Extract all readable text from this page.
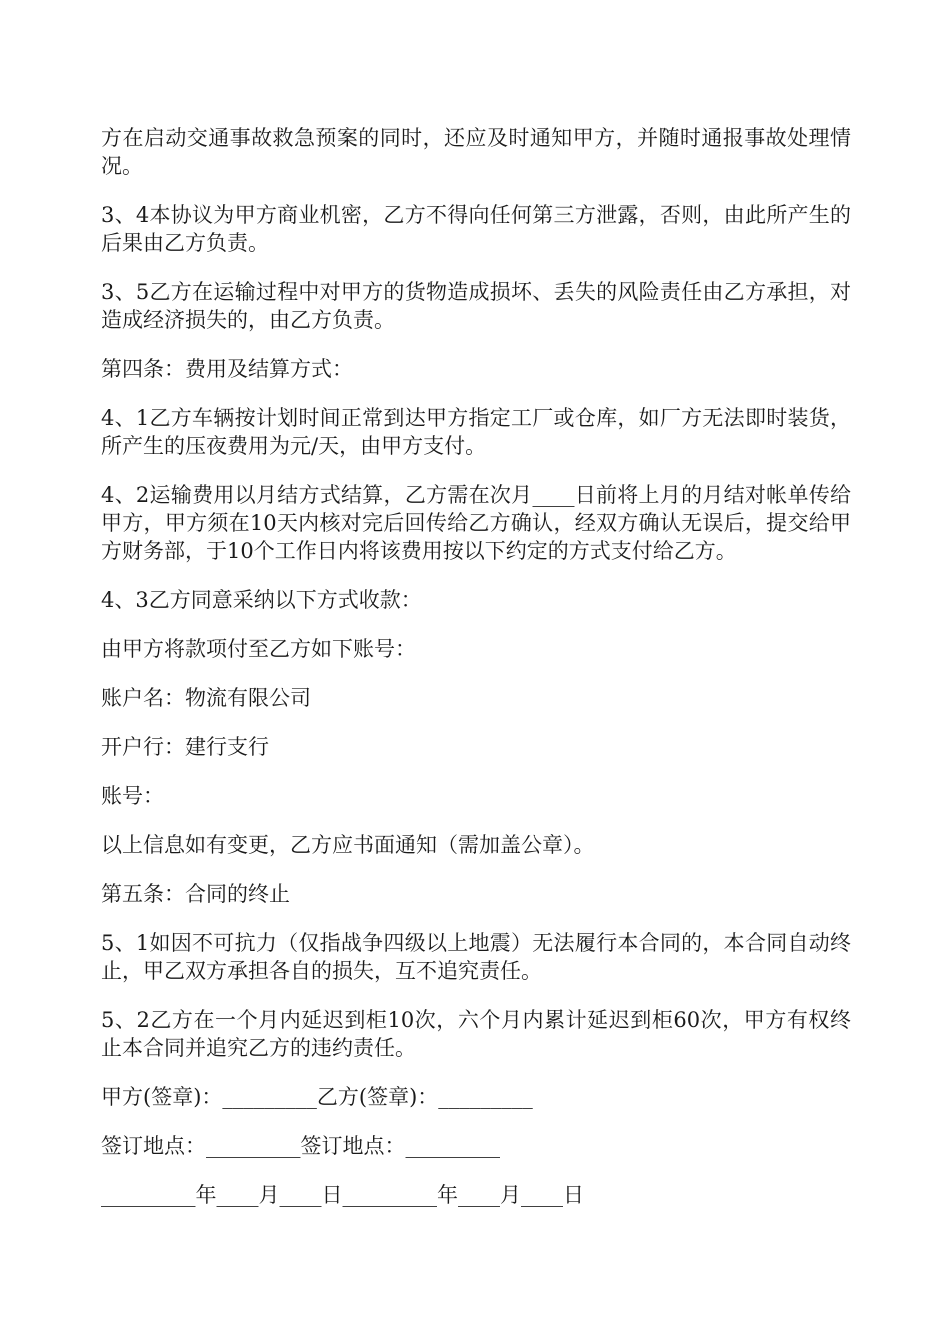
方在启动交通事故救急预案的同时，还应及时通知甲方，并随时通报事故处理情况。

3、4本协议为甲方商业机密，乙方不得向任何第三方泄露，否则，由此所产生的后果由乙方负责。

3、5乙方在运输过程中对甲方的货物造成损坏、丢失的风险责任由乙方承担，对造成经济损失的，由乙方负责。

第四条：费用及结算方式：

4、1乙方车辆按计划时间正常到达甲方指定工厂或仓库，如厂方无法即时装货，所产生的压夜费用为元/天，由甲方支付。

4、2运输费用以月结方式结算，乙方需在次月____日前将上月的月结对帐单传给甲方，甲方须在10天内核对完后回传给乙方确认，经双方确认无误后，提交给甲方财务部，于10个工作日内将该费用按以下约定的方式支付给乙方。

4、3乙方同意采纳以下方式收款：

由甲方将款项付至乙方如下账号：

账户名：物流有限公司

开户行：建行支行

账号：

以上信息如有变更，乙方应书面通知（需加盖公章）。

第五条：合同的终止

5、1如因不可抗力（仅指战争四级以上地震）无法履行本合同的，本合同自动终止，甲乙双方承担各自的损失，互不追究责任。

5、2乙方在一个月内延迟到柜10次，六个月内累计延迟到柜60次，甲方有权终止本合同并追究乙方的违约责任。

甲方(签章)：_________乙方(签章)：_________

签订地点：_________签订地点：_________

_________年____月____日_________年____月____日
